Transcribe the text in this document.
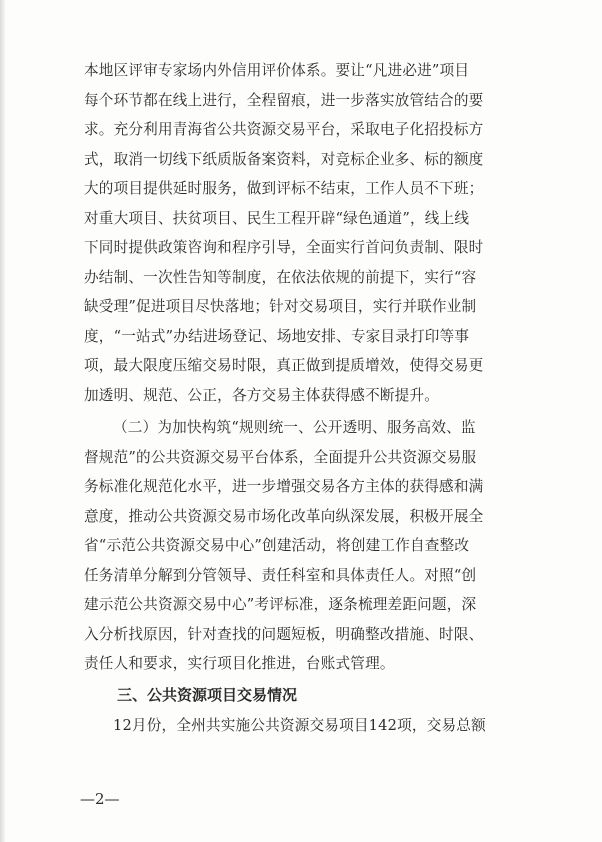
本地区评审专家场内外信用评价体系。要让“凡进必进”项目
每个环节都在线上进行，全程留痕，进一步落实放管结合的要
求。充分利用青海省公共资源交易平台，采取电子化招投标方
式，取消一切线下纸质版备案资料，对竞标企业多、标的额度
大的项目提供延时服务，做到评标不结束，工作人员不下班；
对重大项目、扶贫项目、民生工程开辟“绿色通道”，线上线
下同时提供政策咨询和程序引导，全面实行首问负责制、限时
办结制、一次性告知等制度，在依法依规的前提下，实行“容
缺受理”促进项目尽快落地；针对交易项目，实行并联作业制
度，“一站式”办结进场登记、场地安排、专家目录打印等事
项，最大限度压缩交易时限，真正做到提质增效，使得交易更
加透明、规范、公正，各方交易主体获得感不断提升。
（二）为加快构筑“规则统一、公开透明、服务高效、监
督规范”的公共资源交易平台体系，全面提升公共资源交易服
务标准化规范化水平，进一步增强交易各方主体的获得感和满
意度，推动公共资源交易市场化改革向纵深发展，积极开展全
省“示范公共资源交易中心”创建活动，将创建工作自查整改
任务清单分解到分管领导、责任科室和具体责任人。对照“创
建示范公共资源交易中心”考评标准，逐条梳理差距问题，深
入分析找原因，针对查找的问题短板，明确整改措施、时限、
责任人和要求，实行项目化推进，台账式管理。
三、公共资源项目交易情况
12月份，全州共实施公共资源交易项目142项，交易总额
—2—
